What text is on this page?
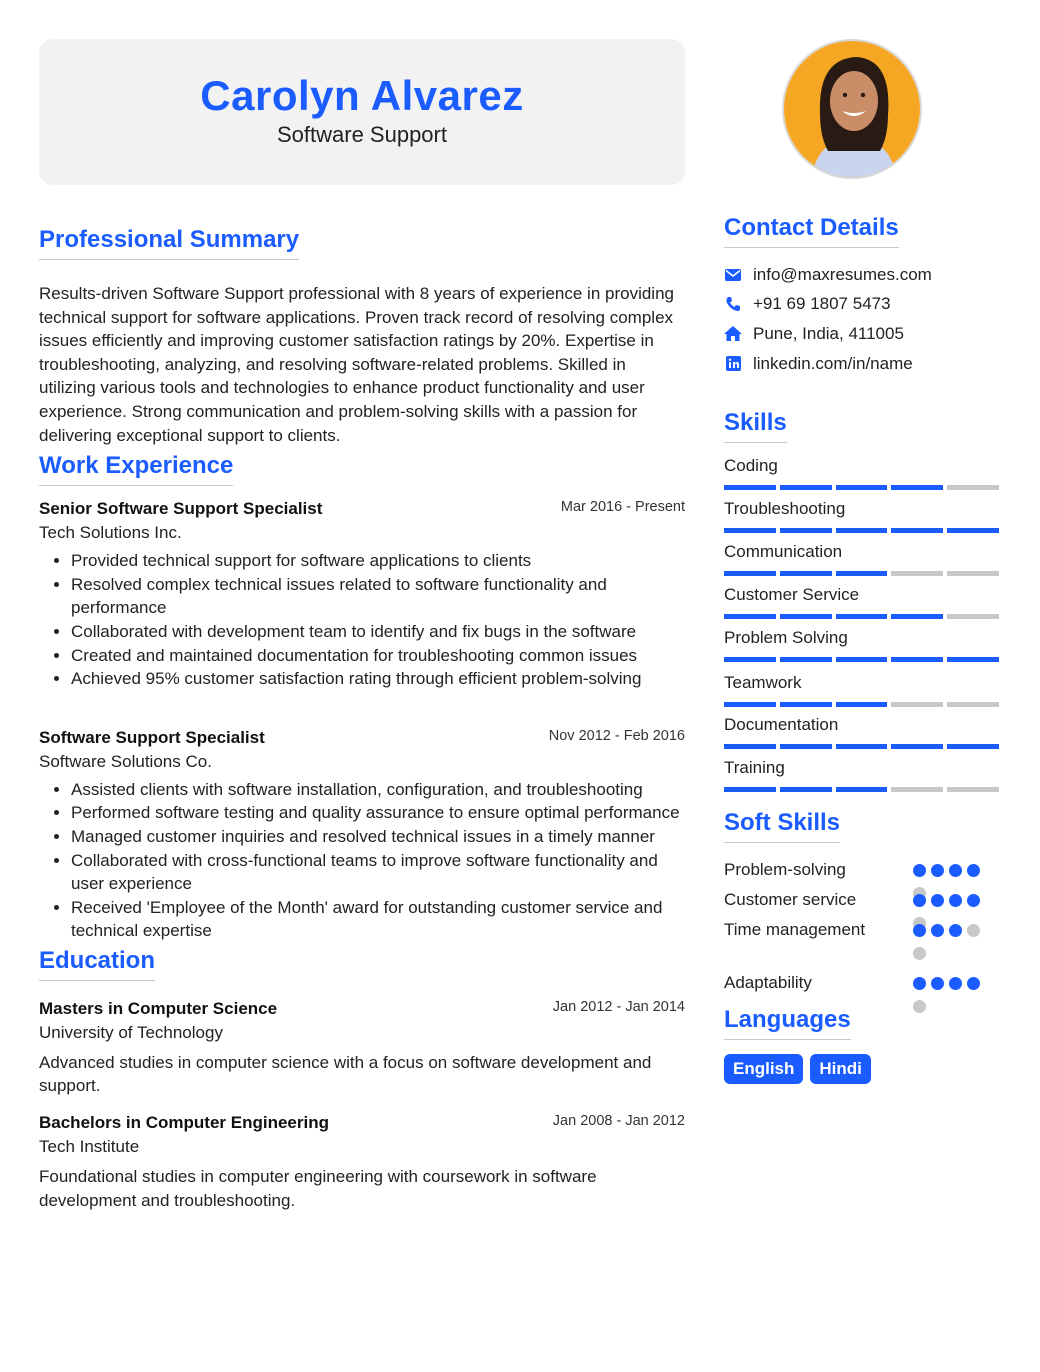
Carolyn Alvarez
Software Support
Professional Summary
Results-driven Software Support professional with 8 years of experience in providing technical support for software applications. Proven track record of resolving complex issues efficiently and improving customer satisfaction ratings by 20%. Expertise in troubleshooting, analyzing, and resolving software-related problems. Skilled in utilizing various tools and technologies to enhance product functionality and user experience. Strong communication and problem-solving skills with a passion for delivering exceptional support to clients.
Work Experience
Senior Software Support Specialist	Mar 2016 - Present
Tech Solutions Inc.
• Provided technical support for software applications to clients
• Resolved complex technical issues related to software functionality and performance
• Collaborated with development team to identify and fix bugs in the software
• Created and maintained documentation for troubleshooting common issues
• Achieved 95% customer satisfaction rating through efficient problem-solving
Software Support Specialist	Nov 2012 - Feb 2016
Software Solutions Co.
• Assisted clients with software installation, configuration, and troubleshooting
• Performed software testing and quality assurance to ensure optimal performance
• Managed customer inquiries and resolved technical issues in a timely manner
• Collaborated with cross-functional teams to improve software functionality and user experience
• Received 'Employee of the Month' award for outstanding customer service and technical expertise
Education
Masters in Computer Science	Jan 2012 - Jan 2014
University of Technology
Advanced studies in computer science with a focus on software development and support.
Bachelors in Computer Engineering	Jan 2008 - Jan 2012
Tech Institute
Foundational studies in computer engineering with coursework in software development and troubleshooting.
Contact Details
info@maxresumes.com
+91 69 1807 5473
Pune, India, 411005
linkedin.com/in/name
Skills
Coding
Troubleshooting
Communication
Customer Service
Problem Solving
Teamwork
Documentation
Training
Soft Skills
Problem-solving
Customer service
Time management
Adaptability
Languages
English	Hindi
